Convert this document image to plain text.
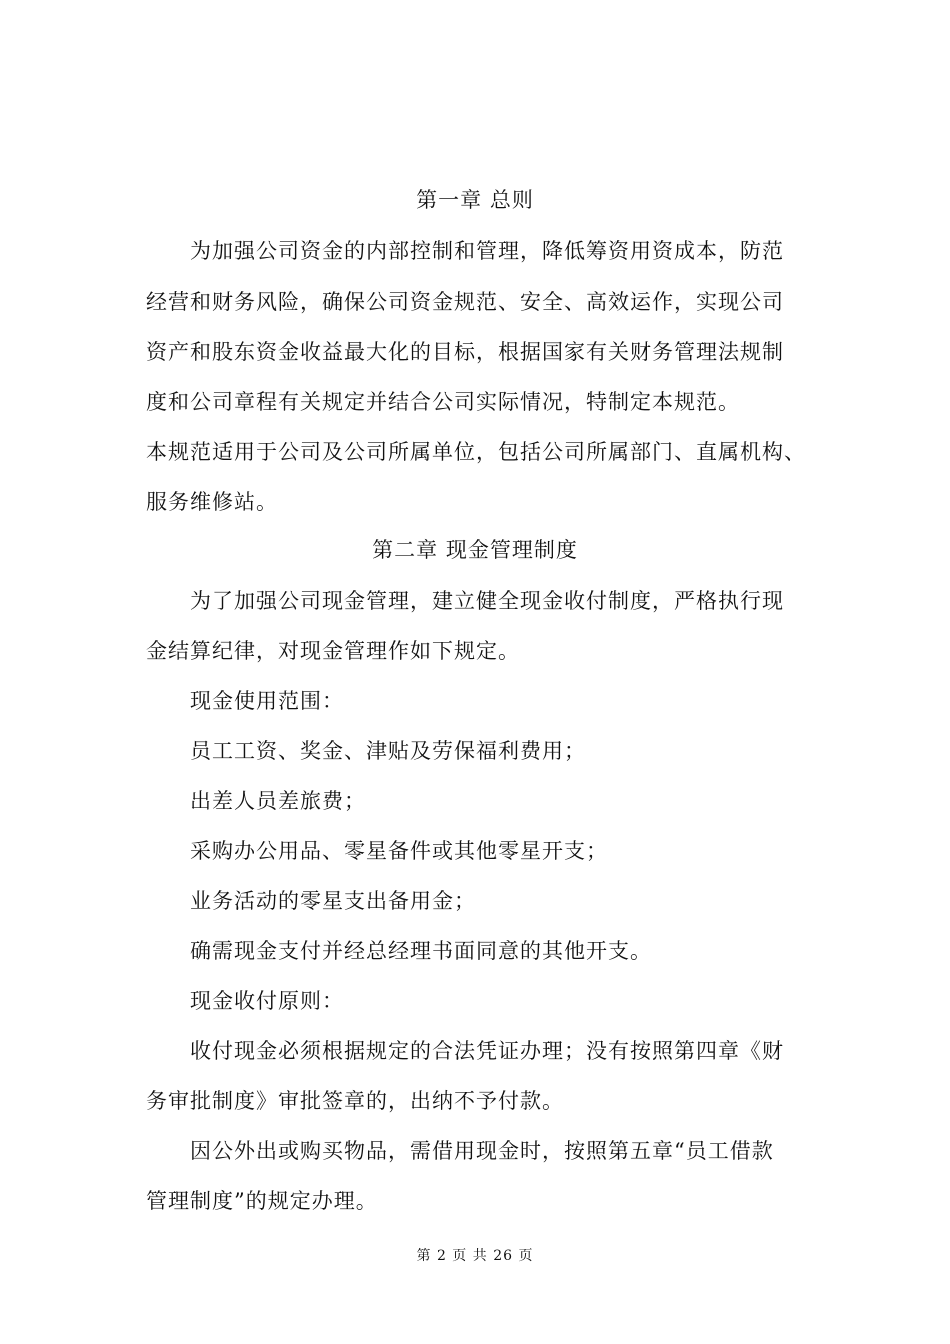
第一章 总则
为加强公司资金的内部控制和管理，降低筹资用资成本，防范
经营和财务风险，确保公司资金规范、安全、高效运作，实现公司
资产和股东资金收益最大化的目标，根据国家有关财务管理法规制
度和公司章程有关规定并结合公司实际情况，特制定本规范。
本规范适用于公司及公司所属单位，包括公司所属部门、直属机构、
服务维修站。
第二章 现金管理制度
为了加强公司现金管理，建立健全现金收付制度，严格执行现
金结算纪律，对现金管理作如下规定。
现金使用范围：
员工工资、奖金、津贴及劳保福利费用；
出差人员差旅费；
采购办公用品、零星备件或其他零星开支；
业务活动的零星支出备用金；
确需现金支付并经总经理书面同意的其他开支。
现金收付原则：
收付现金必须根据规定的合法凭证办理；没有按照第四章《财
务审批制度》审批签章的，出纳不予付款。
因公外出或购买物品，需借用现金时，按照第五章“员工借款
管理制度”的规定办理。
第 2 页 共 26 页
